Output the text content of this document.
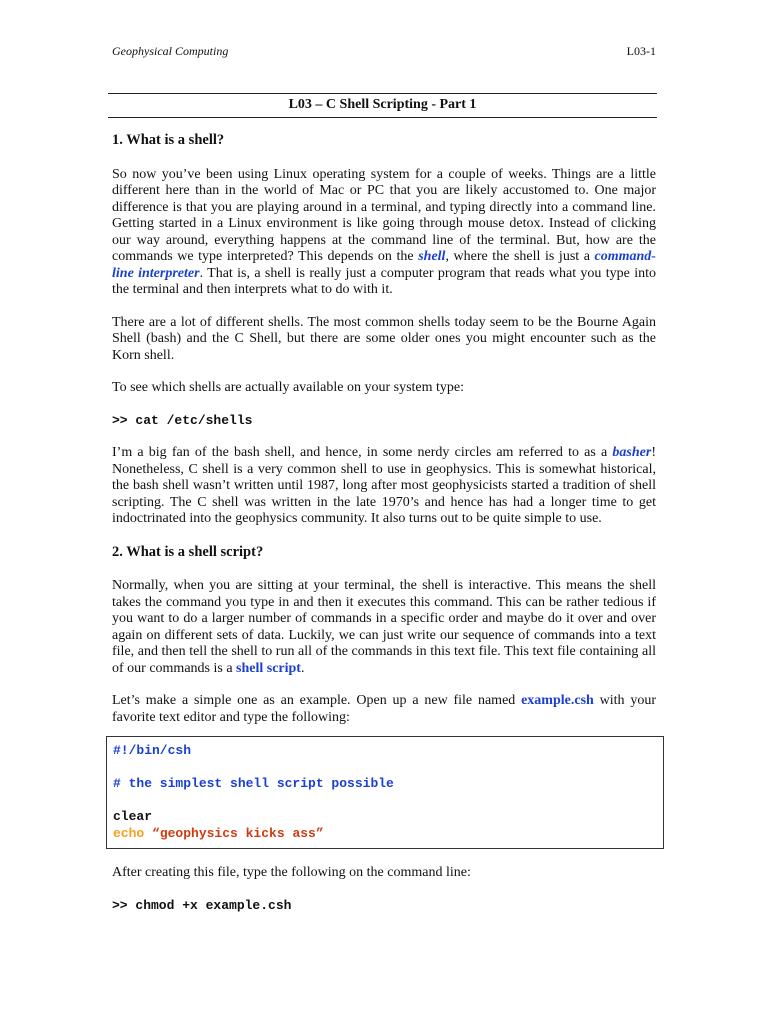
Geophysical Computing	L03-1
L03 – C Shell Scripting - Part 1
1. What is a shell?

So now you’ve been using Linux operating system for a couple of weeks. Things are a little different here than in the world of Mac or PC that you are likely accustomed to. One major difference is that you are playing around in a terminal, and typing directly into a command line. Getting started in a Linux environment is like going through mouse detox. Instead of clicking our way around, everything happens at the command line of the terminal. But, how are the commands we type interpreted? This depends on the shell, where the shell is just a command-line interpreter. That is, a shell is really just a computer program that reads what you type into the terminal and then interprets what to do with it.

There are a lot of different shells. The most common shells today seem to be the Bourne Again Shell (bash) and the C Shell, but there are some older ones you might encounter such as the Korn shell.

To see which shells are actually available on your system type:

>> cat /etc/shells

I’m a big fan of the bash shell, and hence, in some nerdy circles am referred to as a basher! Nonetheless, C shell is a very common shell to use in geophysics. This is somewhat historical, the bash shell wasn’t written until 1987, long after most geophysicists started a tradition of shell scripting. The C shell was written in the late 1970’s and hence has had a longer time to get indoctrinated into the geophysics community. It also turns out to be quite simple to use.

2. What is a shell script?

Normally, when you are sitting at your terminal, the shell is interactive. This means the shell takes the command you type in and then it executes this command. This can be rather tedious if you want to do a larger number of commands in a specific order and maybe do it over and over again on different sets of data. Luckily, we can just write our sequence of commands into a text file, and then tell the shell to run all of the commands in this text file. This text file containing all of our commands is a shell script.

Let’s make a simple one as an example. Open up a new file named example.csh with your favorite text editor and type the following:

#!/bin/csh

# the simplest shell script possible

clear
echo “geophysics kicks ass”

After creating this file, type the following on the command line:

>> chmod +x example.csh
